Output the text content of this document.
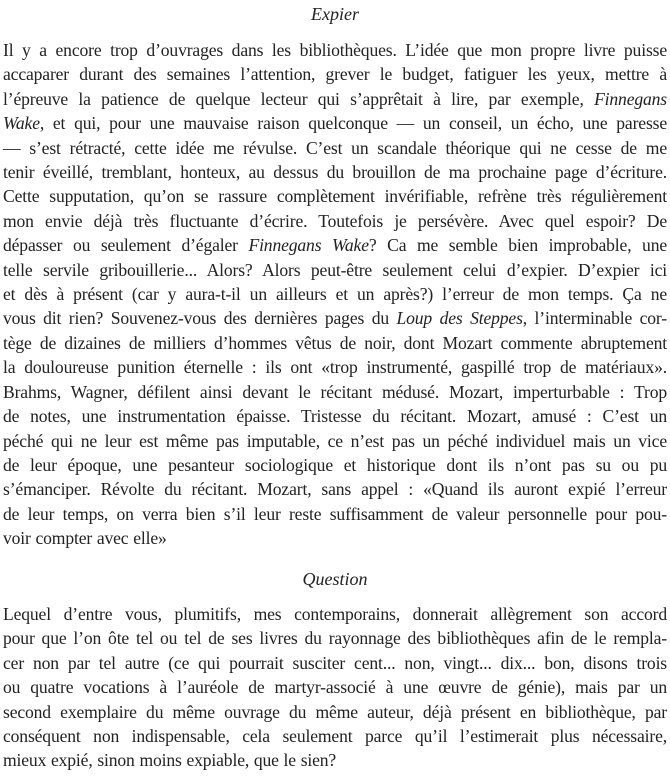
Expier

Il y a encore trop d’ouvrages dans les bibliothèques. L’idée que mon propre livre puisse
accaparer durant des semaines l’attention, grever le budget, fatiguer les yeux, mettre à
l’épreuve la patience de quelque lecteur qui s’apprêtait à lire, par exemple, Finnegans
Wake, et qui, pour une mauvaise raison quelconque — un conseil, un écho, une paresse
— s’est rétracté, cette idée me révulse. C’est un scandale théorique qui ne cesse de me
tenir éveillé, tremblant, honteux, au dessus du brouillon de ma prochaine page d’écriture.
Cette supputation, qu’on se rassure complètement invérifiable, refrène très régulièrement
mon envie déjà très fluctuante d’écrire. Toutefois je persévère. Avec quel espoir? De
dépasser ou seulement d’égaler Finnegans Wake? Ca me semble bien improbable, une
telle servile gribouillerie... Alors? Alors peut-être seulement celui d’expier. D’expier ici
et dès à présent (car y aura-t-il un ailleurs et un après?) l’erreur de mon temps. Ça ne
vous dit rien? Souvenez-vous des dernières pages du Loup des Steppes, l’interminable cor-
tège de dizaines de milliers d’hommes vêtus de noir, dont Mozart commente abruptement
la douloureuse punition éternelle : ils ont «trop instrumenté, gaspillé trop de matériaux».
Brahms, Wagner, défilent ainsi devant le récitant médusé. Mozart, imperturbable : Trop
de notes, une instrumentation épaisse. Tristesse du récitant. Mozart, amusé : C’est un
péché qui ne leur est même pas imputable, ce n’est pas un péché individuel mais un vice
de leur époque, une pesanteur sociologique et historique dont ils n’ont pas su ou pu
s’émanciper. Révolte du récitant. Mozart, sans appel : «Quand ils auront expié l’erreur
de leur temps, on verra bien s’il leur reste suffisamment de valeur personnelle pour pou-
voir compter avec elle»

Question

Lequel d’entre vous, plumitifs, mes contemporains, donnerait allègrement son accord
pour que l’on ôte tel ou tel de ses livres du rayonnage des bibliothèques afin de le rempla-
cer non par tel autre (ce qui pourrait susciter cent... non, vingt... dix... bon, disons trois
ou quatre vocations à l’auréole de martyr-associé à une œuvre de génie), mais par un
second exemplaire du même ouvrage du même auteur, déjà présent en bibliothèque, par
conséquent non indispensable, cela seulement parce qu’il l’estimerait plus nécessaire,
mieux expié, sinon moins expiable, que le sien?
